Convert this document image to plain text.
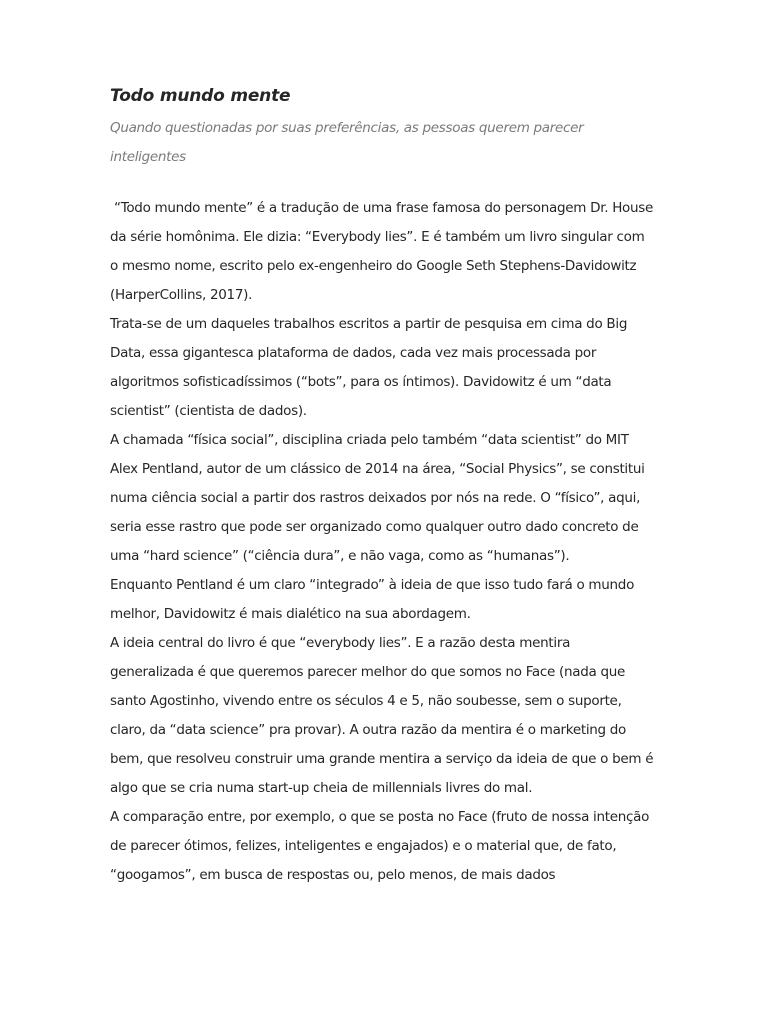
Todo mundo mente
Quando questionadas por suas preferências, as pessoas querem parecer inteligentes

“Todo mundo mente” é a tradução de uma frase famosa do personagem Dr. House da série homônima. Ele dizia: “Everybody lies”. E é também um livro singular com o mesmo nome, escrito pelo ex-engenheiro do Google Seth Stephens-Davidowitz (HarperCollins, 2017).

Trata-se de um daqueles trabalhos escritos a partir de pesquisa em cima do Big Data, essa gigantesca plataforma de dados, cada vez mais processada por algoritmos sofisticadíssimos (“bots”, para os íntimos). Davidowitz é um “data scientist” (cientista de dados).

A chamada “física social”, disciplina criada pelo também “data scientist” do MIT Alex Pentland, autor de um clássico de 2014 na área, “Social Physics”, se constitui numa ciência social a partir dos rastros deixados por nós na rede. O “físico”, aqui, seria esse rastro que pode ser organizado como qualquer outro dado concreto de uma “hard science” (“ciência dura”, e não vaga, como as “humanas”).

Enquanto Pentland é um claro “integrado” à ideia de que isso tudo fará o mundo melhor, Davidowitz é mais dialético na sua abordagem.

A ideia central do livro é que “everybody lies”. E a razão desta mentira generalizada é que queremos parecer melhor do que somos no Face (nada que santo Agostinho, vivendo entre os séculos 4 e 5, não soubesse, sem o suporte, claro, da “data science” pra provar). A outra razão da mentira é o marketing do bem, que resolveu construir uma grande mentira a serviço da ideia de que o bem é algo que se cria numa start-up cheia de millennials livres do mal.

A comparação entre, por exemplo, o que se posta no Face (fruto de nossa intenção de parecer ótimos, felizes, inteligentes e engajados) e o material que, de fato, “googamos”, em busca de respostas ou, pelo menos, de mais dados
